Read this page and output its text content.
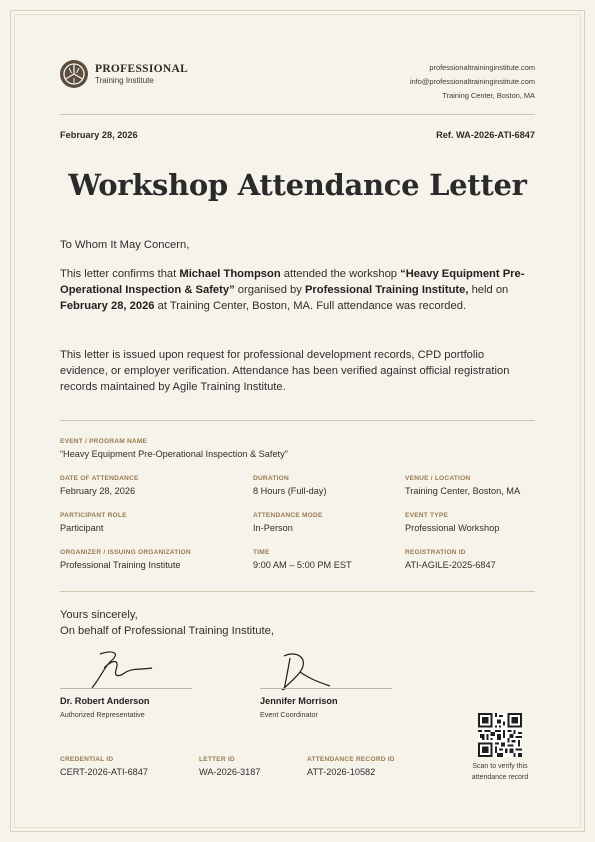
PROFESSIONAL
Training Institute
professionaltraininginstitute.com
info@professionaltraininginstitute.com
Training Center, Boston, MA
February 28, 2026	Ref. WA-2026-ATI-6847
Workshop Attendance Letter
To Whom It May Concern,
This letter confirms that Michael Thompson attended the workshop “Heavy Equipment Pre-Operational Inspection & Safety” organised by Professional Training Institute, held on February 28, 2026 at Training Center, Boston, MA. Full attendance was recorded.
This letter is issued upon request for professional development records, CPD portfolio evidence, or employer verification. Attendance has been verified against official registration records maintained by Agile Training Institute.
EVENT / PROGRAM NAME
“Heavy Equipment Pre-Operational Inspection & Safety”
DATE OF ATTENDANCE
February 28, 2026
DURATION
8 Hours (Full-day)
VENUE / LOCATION
Training Center, Boston, MA
PARTICIPANT ROLE
Participant
ATTENDANCE MODE
In-Person
EVENT TYPE
Professional Workshop
ORGANIZER / ISSUING ORGANIZATION
Professional Training Institute
TIME
9:00 AM – 5:00 PM EST
REGISTRATION ID
ATI-AGILE-2025-6847
Yours sincerely,
On behalf of Professional Training Institute,
Dr. Robert Anderson
Authorized Representative
Jennifer Morrison
Event Coordinator
CREDENTIAL ID
CERT-2026-ATI-6847
LETTER ID
WA-2026-3187
ATTENDANCE RECORD ID
ATT-2026-10582
Scan to verify this
attendance record
